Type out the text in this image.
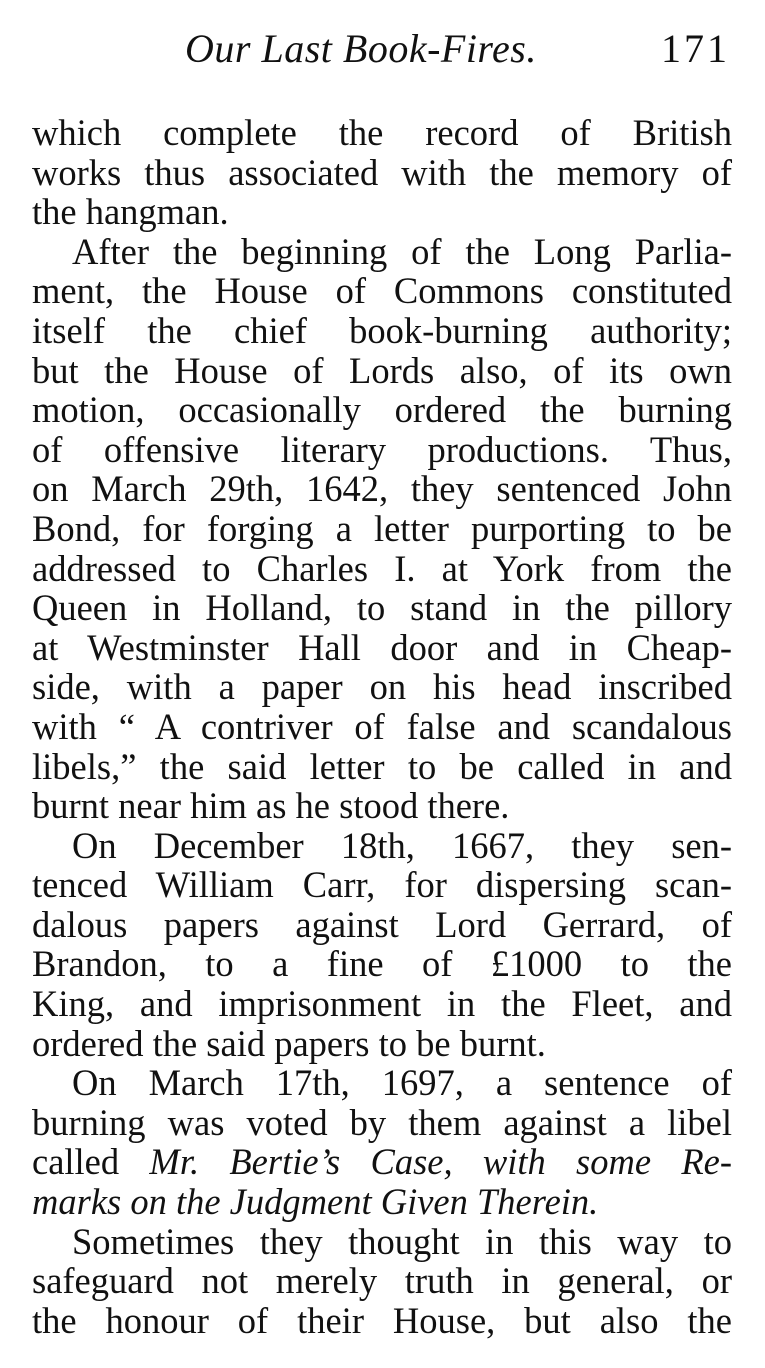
Our Last Book-Fires.	171
which complete the record of British
works thus associated with the memory of
the hangman.
After the beginning of the Long Parlia-
ment, the House of Commons constituted
itself the chief book-burning authority;
but the House of Lords also, of its own
motion, occasionally ordered the burning
of offensive literary productions. Thus,
on March 29th, 1642, they sentenced John
Bond, for forging a letter purporting to be
addressed to Charles I. at York from the
Queen in Holland, to stand in the pillory
at Westminster Hall door and in Cheap-
side, with a paper on his head inscribed
with “ A contriver of false and scandalous
libels,” the said letter to be called in and
burnt near him as he stood there.
On December 18th, 1667, they sen-
tenced William Carr, for dispersing scan-
dalous papers against Lord Gerrard, of
Brandon, to a fine of £1000 to the
King, and imprisonment in the Fleet, and
ordered the said papers to be burnt.
On March 17th, 1697, a sentence of
burning was voted by them against a libel
called Mr. Bertie’s Case, with some Re-
marks on the Judgment Given Therein.
Sometimes they thought in this way to
safeguard not merely truth in general, or
the honour of their House, but also the
